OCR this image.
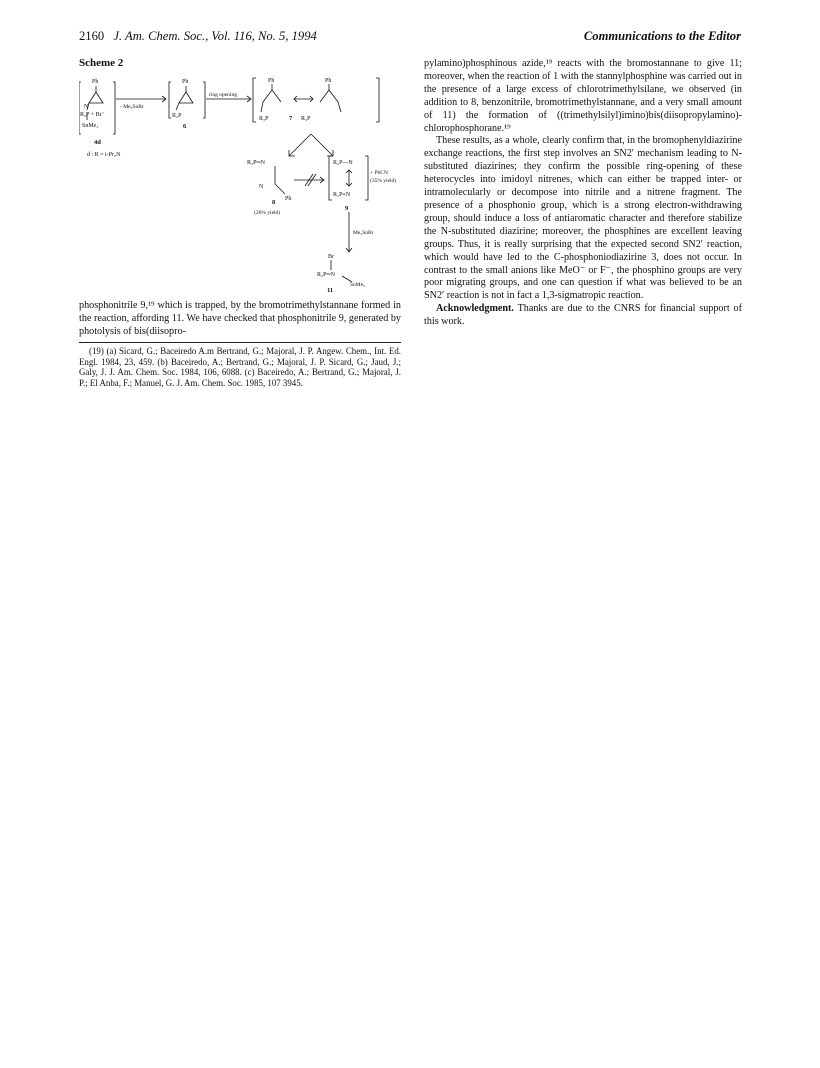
2160 J. Am. Chem. Soc., Vol. 116, No. 5, 1994	Communications to the Editor
Scheme 2
Ph
N
R₂P + Br⁻
SnMe₃
4d
d : R = i-Pr₂N
- Me₃SnBr
Ph
R₂P
6
ring opening
Ph
R₃P
Ph
7 R₃P
R₂P═N
N
Ph
8
(26% yield)
R₂P—N
R₂P≡N
9
+ PhCN
(35% yield)
Me₃SnBr
Br
R₂P═N
SnMe₃
11

phosphonitrile 9,¹⁹ which is trapped, by the bromotrimethylstannane formed in the reaction, affording 11. We have checked that phosphonitrile 9, generated by photolysis of bis(diisopro-

(19) (a) Sicard, G.; Baceiredo A.m Bertrand, G.; Majoral, J. P. Angew. Chem., Int. Ed. Engl. 1984, 23, 459. (b) Baceiredo, A.; Bertrand, G.; Majoral, J. P. Sicard, G.; Jaud, J.; Galy, J. J. Am. Chem. Soc. 1984, 106, 6088. (c) Baceiredo, A.; Bertrand, G.; Majoral, J. P.; El Anba, F.; Manuel, G. J. Am. Chem. Soc. 1985, 107 3945.

pylamino)phosphinous azide,¹⁹ reacts with the bromostannane to give 11; moreover, when the reaction of 1 with the stannylphosphine was carried out in the presence of a large excess of chlorotrimethylsilane, we observed (in addition to 8, benzonitrile, bromotrimethylstannane, and a very small amount of 11) the formation of ((trimethylsilyl)imino)bis(diisopropylamino)-chlorophosphorane.¹⁹

These results, as a whole, clearly confirm that, in the bromophenyldiazirine exchange reactions, the first step involves an SN2′ mechanism leading to N-substituted diazirines; they confirm the possible ring-opening of these heterocycles into imidoyl nitrenes, which can either be trapped inter- or intramolecularly or decompose into nitrile and a nitrene fragment. The presence of a phosphonio group, which is a strong electron-withdrawing group, should induce a loss of antiaromatic character and therefore stabilize the N-substituted diazirine; moreover, the phosphines are excellent leaving groups. Thus, it is really surprising that the expected second SN2′ reaction, which would have led to the C-phosphoniodiazirine 3, does not occur. In contrast to the small anions like MeO⁻ or F⁻, the phosphino groups are very poor migrating groups, and one can question if what was believed to be an SN2′ reaction is not in fact a 1,3-sigmatropic reaction.

Acknowledgment. Thanks are due to the CNRS for financial support of this work.
